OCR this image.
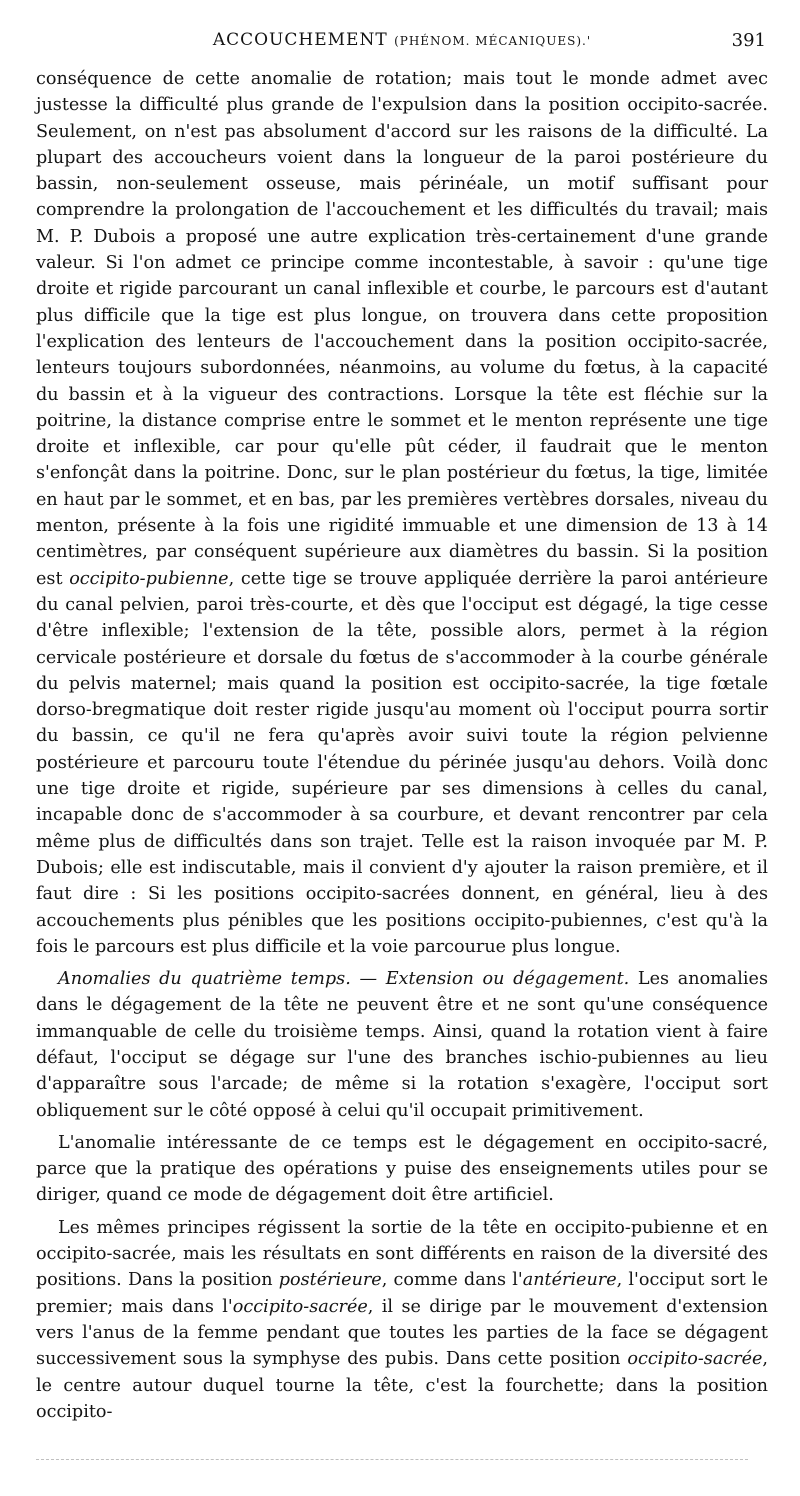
ACCOUCHEMENT (PHÉNOM. MÉCANIQUES).'	391

conséquence de cette anomalie de rotation; mais tout le monde admet avec justesse la difficulté plus grande de l'expulsion dans la position occipito-sacrée. Seulement, on n'est pas absolument d'accord sur les raisons de la difficulté. La plupart des accoucheurs voient dans la longueur de la paroi postérieure du bassin, non-seulement osseuse, mais périnéale, un motif suffisant pour comprendre la prolongation de l'accouchement et les difficultés du travail; mais M. P. Dubois a proposé une autre explication très-certainement d'une grande valeur. Si l'on admet ce principe comme incontestable, à savoir : qu'une tige droite et rigide parcourant un canal inflexible et courbe, le parcours est d'autant plus difficile que la tige est plus longue, on trouvera dans cette proposition l'explication des lenteurs de l'accouchement dans la position occipito-sacrée, lenteurs toujours subordonnées, néanmoins, au volume du fœtus, à la capacité du bassin et à la vigueur des contractions. Lorsque la tête est fléchie sur la poitrine, la distance comprise entre le sommet et le menton représente une tige droite et inflexible, car pour qu'elle pût céder, il faudrait que le menton s'enfonçât dans la poitrine. Donc, sur le plan postérieur du fœtus, la tige, limitée en haut par le sommet, et en bas, par les premières vertèbres dorsales, niveau du menton, présente à la fois une rigidité immuable et une dimension de 13 à 14 centimètres, par conséquent supérieure aux diamètres du bassin. Si la position est occipito-pubienne, cette tige se trouve appliquée derrière la paroi antérieure du canal pelvien, paroi très-courte, et dès que l'occiput est dégagé, la tige cesse d'être inflexible; l'extension de la tête, possible alors, permet à la région cervicale postérieure et dorsale du fœtus de s'accommoder à la courbe générale du pelvis maternel; mais quand la position est occipito-sacrée, la tige fœtale dorso-bregmatique doit rester rigide jusqu'au moment où l'occiput pourra sortir du bassin, ce qu'il ne fera qu'après avoir suivi toute la région pelvienne postérieure et parcouru toute l'étendue du périnée jusqu'au dehors. Voilà donc une tige droite et rigide, supérieure par ses dimensions à celles du canal, incapable donc de s'accommoder à sa courbure, et devant rencontrer par cela même plus de difficultés dans son trajet. Telle est la raison invoquée par M. P. Dubois; elle est indiscutable, mais il convient d'y ajouter la raison première, et il faut dire : Si les positions occipito-sacrées donnent, en général, lieu à des accouchements plus pénibles que les positions occipito-pubiennes, c'est qu'à la fois le parcours est plus difficile et la voie parcourue plus longue.

Anomalies du quatrième temps. — Extension ou dégagement. Les anomalies dans le dégagement de la tête ne peuvent être et ne sont qu'une conséquence immanquable de celle du troisième temps. Ainsi, quand la rotation vient à faire défaut, l'occiput se dégage sur l'une des branches ischio-pubiennes au lieu d'apparaître sous l'arcade; de même si la rotation s'exagère, l'occiput sort obliquement sur le côté opposé à celui qu'il occupait primitivement.

L'anomalie intéressante de ce temps est le dégagement en occipito-sacré, parce que la pratique des opérations y puise des enseignements utiles pour se diriger, quand ce mode de dégagement doit être artificiel.

Les mêmes principes régissent la sortie de la tête en occipito-pubienne et en occipito-sacrée, mais les résultats en sont différents en raison de la diversité des positions. Dans la position postérieure, comme dans l'antérieure, l'occiput sort le premier; mais dans l'occipito-sacrée, il se dirige par le mouvement d'extension vers l'anus de la femme pendant que toutes les parties de la face se dégagent successivement sous la symphyse des pubis. Dans cette position occipito-sacrée, le centre autour duquel tourne la tête, c'est la fourchette; dans la position occipito-
